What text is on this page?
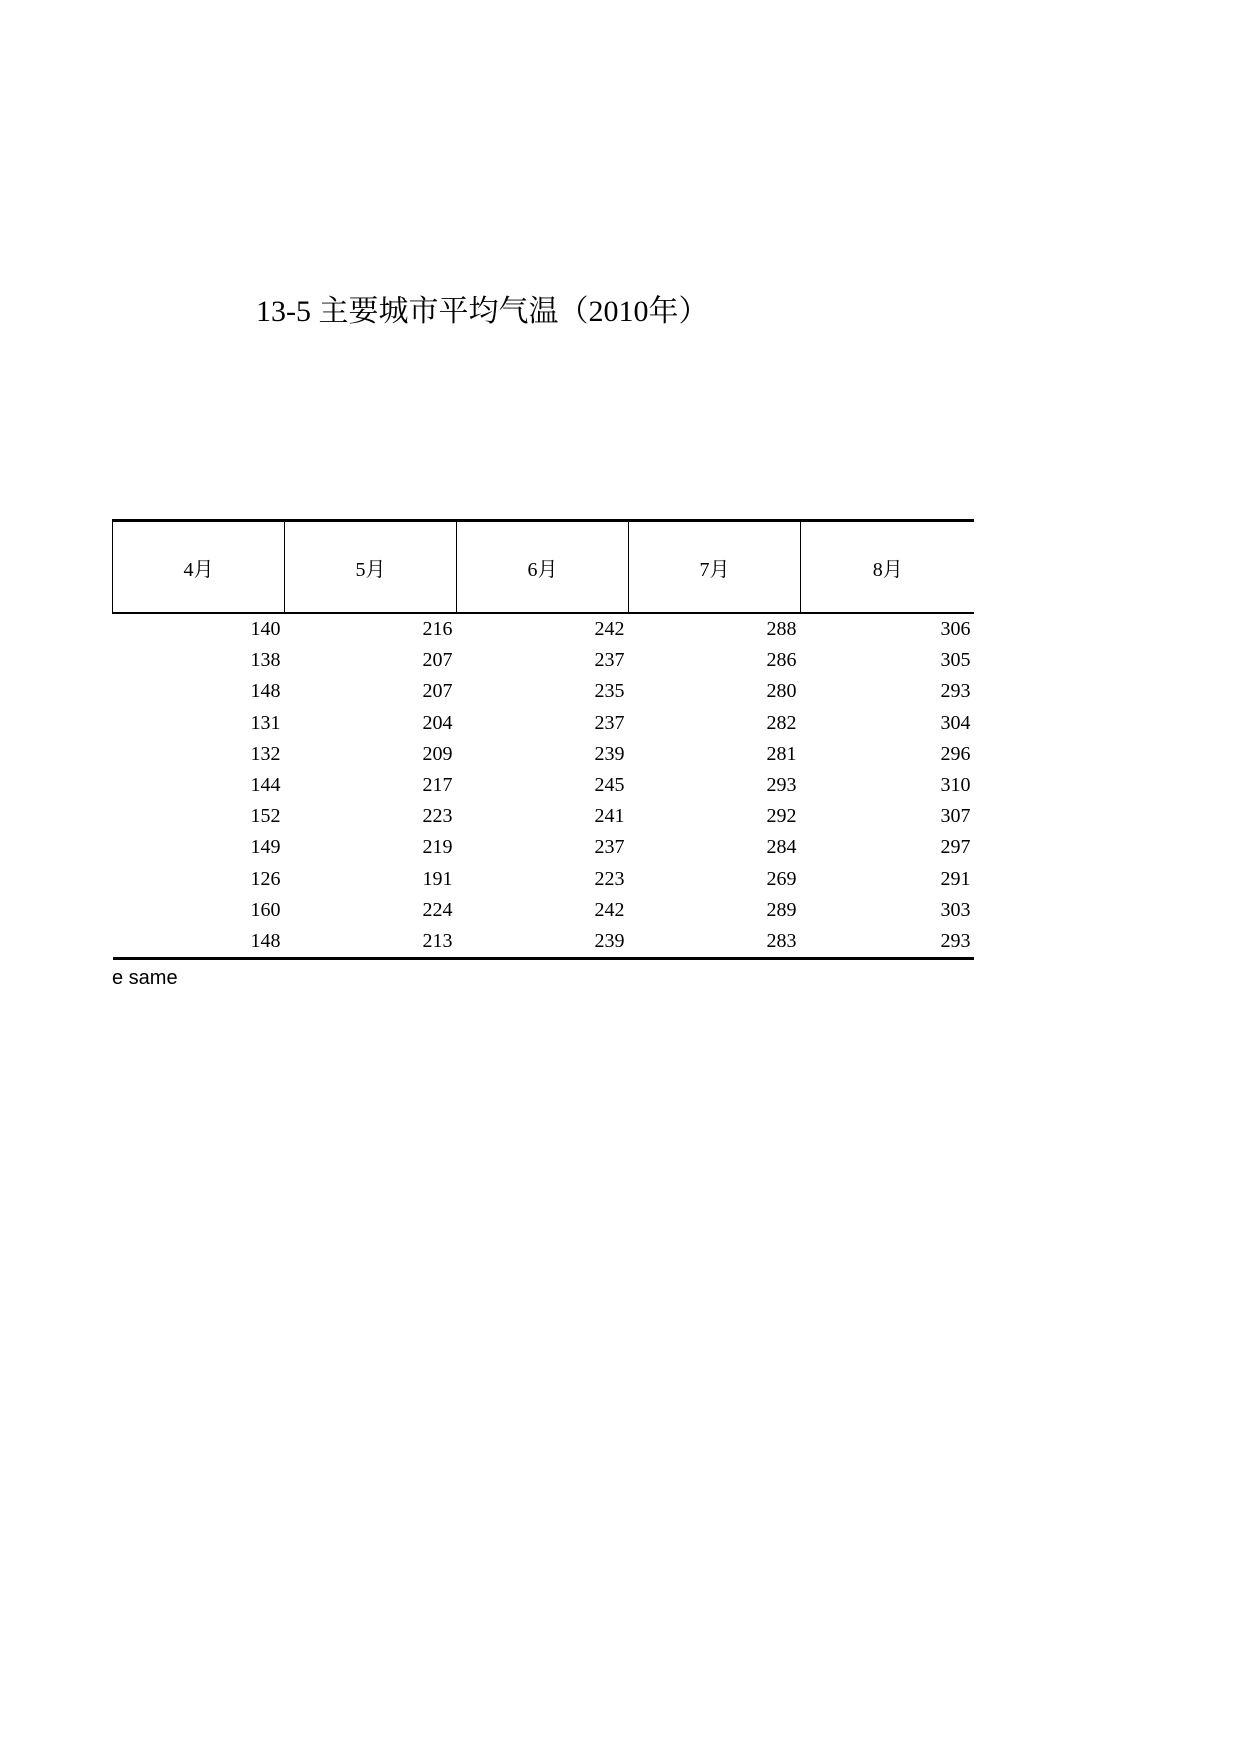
13-5 主要城市平均气温（2010年）
4月	5月	6月	7月	8月
140	216	242	288	306
138	207	237	286	305
148	207	235	280	293
131	204	237	282	304
132	209	239	281	296
144	217	245	293	310
152	223	241	292	307
149	219	237	284	297
126	191	223	269	291
160	224	242	289	303
148	213	239	283	293
e same
